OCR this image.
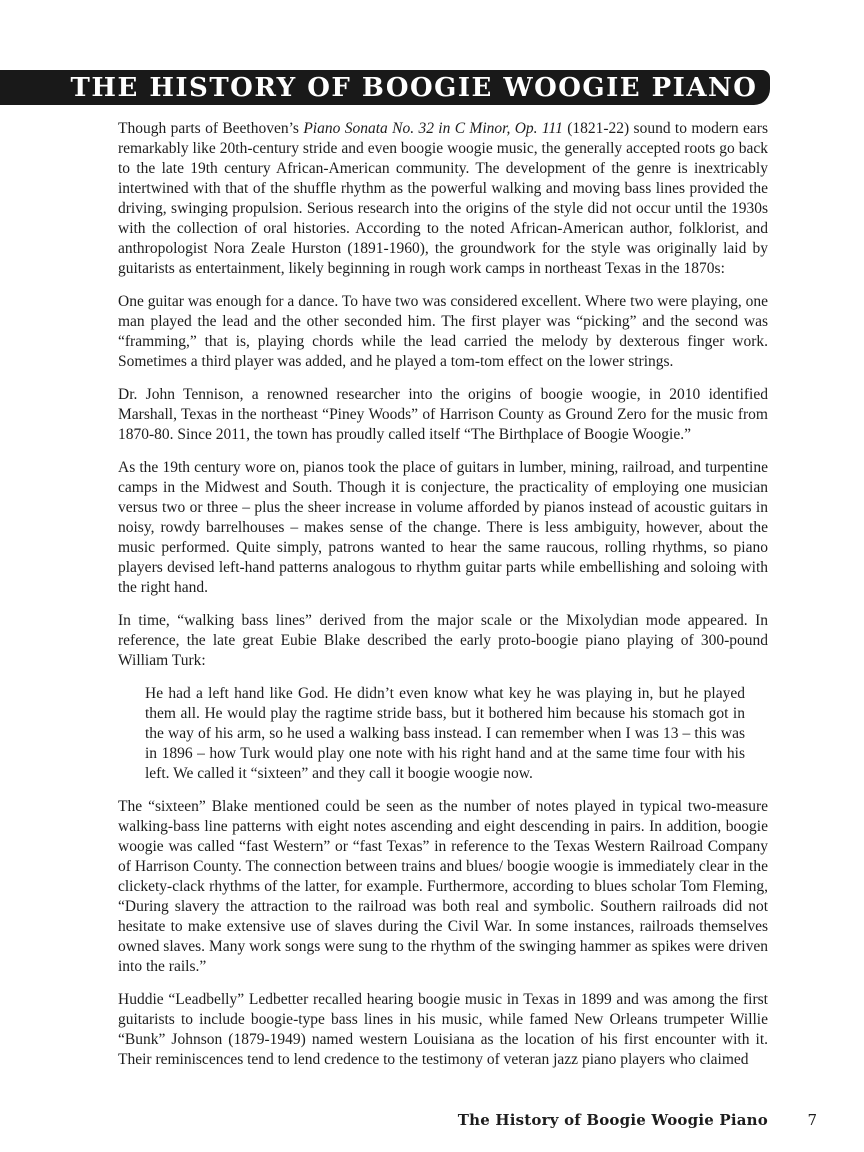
THE HISTORY OF BOOGIE WOOGIE PIANO

Though parts of Beethoven’s Piano Sonata No. 32 in C Minor, Op. 111 (1821-22) sound to modern ears remarkably like 20th-century stride and even boogie woogie music, the generally accepted roots go back to the late 19th century African-American community. The development of the genre is inextricably intertwined with that of the shuffle rhythm as the powerful walking and moving bass lines provided the driving, swinging propulsion. Serious research into the origins of the style did not occur until the 1930s with the collection of oral histories. According to the noted African-American author, folklorist, and anthropologist Nora Zeale Hurston (1891-1960), the groundwork for the style was originally laid by guitarists as entertainment, likely beginning in rough work camps in northeast Texas in the 1870s:

One guitar was enough for a dance. To have two was considered excellent. Where two were playing, one man played the lead and the other seconded him. The first player was “picking” and the second was “framming,” that is, playing chords while the lead carried the melody by dexterous finger work. Sometimes a third player was added, and he played a tom-tom effect on the lower strings.

Dr. John Tennison, a renowned researcher into the origins of boogie woogie, in 2010 identified Marshall, Texas in the northeast “Piney Woods” of Harrison County as Ground Zero for the music from 1870-80. Since 2011, the town has proudly called itself “The Birthplace of Boogie Woogie.”

As the 19th century wore on, pianos took the place of guitars in lumber, mining, railroad, and turpentine camps in the Midwest and South. Though it is conjecture, the practicality of employing one musician versus two or three – plus the sheer increase in volume afforded by pianos instead of acoustic guitars in noisy, rowdy barrelhouses – makes sense of the change. There is less ambiguity, however, about the music performed. Quite simply, patrons wanted to hear the same raucous, rolling rhythms, so piano players devised left-hand patterns analogous to rhythm guitar parts while embellishing and soloing with the right hand.

In time, “walking bass lines” derived from the major scale or the Mixolydian mode appeared. In reference, the late great Eubie Blake described the early proto-boogie piano playing of 300-pound William Turk:

He had a left hand like God. He didn’t even know what key he was playing in, but he played them all. He would play the ragtime stride bass, but it bothered him because his stomach got in the way of his arm, so he used a walking bass instead. I can remember when I was 13 – this was in 1896 – how Turk would play one note with his right hand and at the same time four with his left. We called it “sixteen” and they call it boogie woogie now.

The “sixteen” Blake mentioned could be seen as the number of notes played in typical two-measure walking-bass line patterns with eight notes ascending and eight descending in pairs. In addition, boogie woogie was called “fast Western” or “fast Texas” in reference to the Texas Western Railroad Company of Harrison County. The connection between trains and blues/ boogie woogie is immediately clear in the clickety-clack rhythms of the latter, for example. Furthermore, according to blues scholar Tom Fleming, “During slavery the attraction to the railroad was both real and symbolic. Southern railroads did not hesitate to make extensive use of slaves during the Civil War. In some instances, railroads themselves owned slaves. Many work songs were sung to the rhythm of the swinging hammer as spikes were driven into the rails.”

Huddie “Leadbelly” Ledbetter recalled hearing boogie music in Texas in 1899 and was among the first guitarists to include boogie-type bass lines in his music, while famed New Orleans trumpeter Willie “Bunk” Johnson (1879-1949) named western Louisiana as the location of his first encounter with it. Their reminiscences tend to lend credence to the testimony of veteran jazz piano players who claimed

The History of Boogie Woogie Piano	7
